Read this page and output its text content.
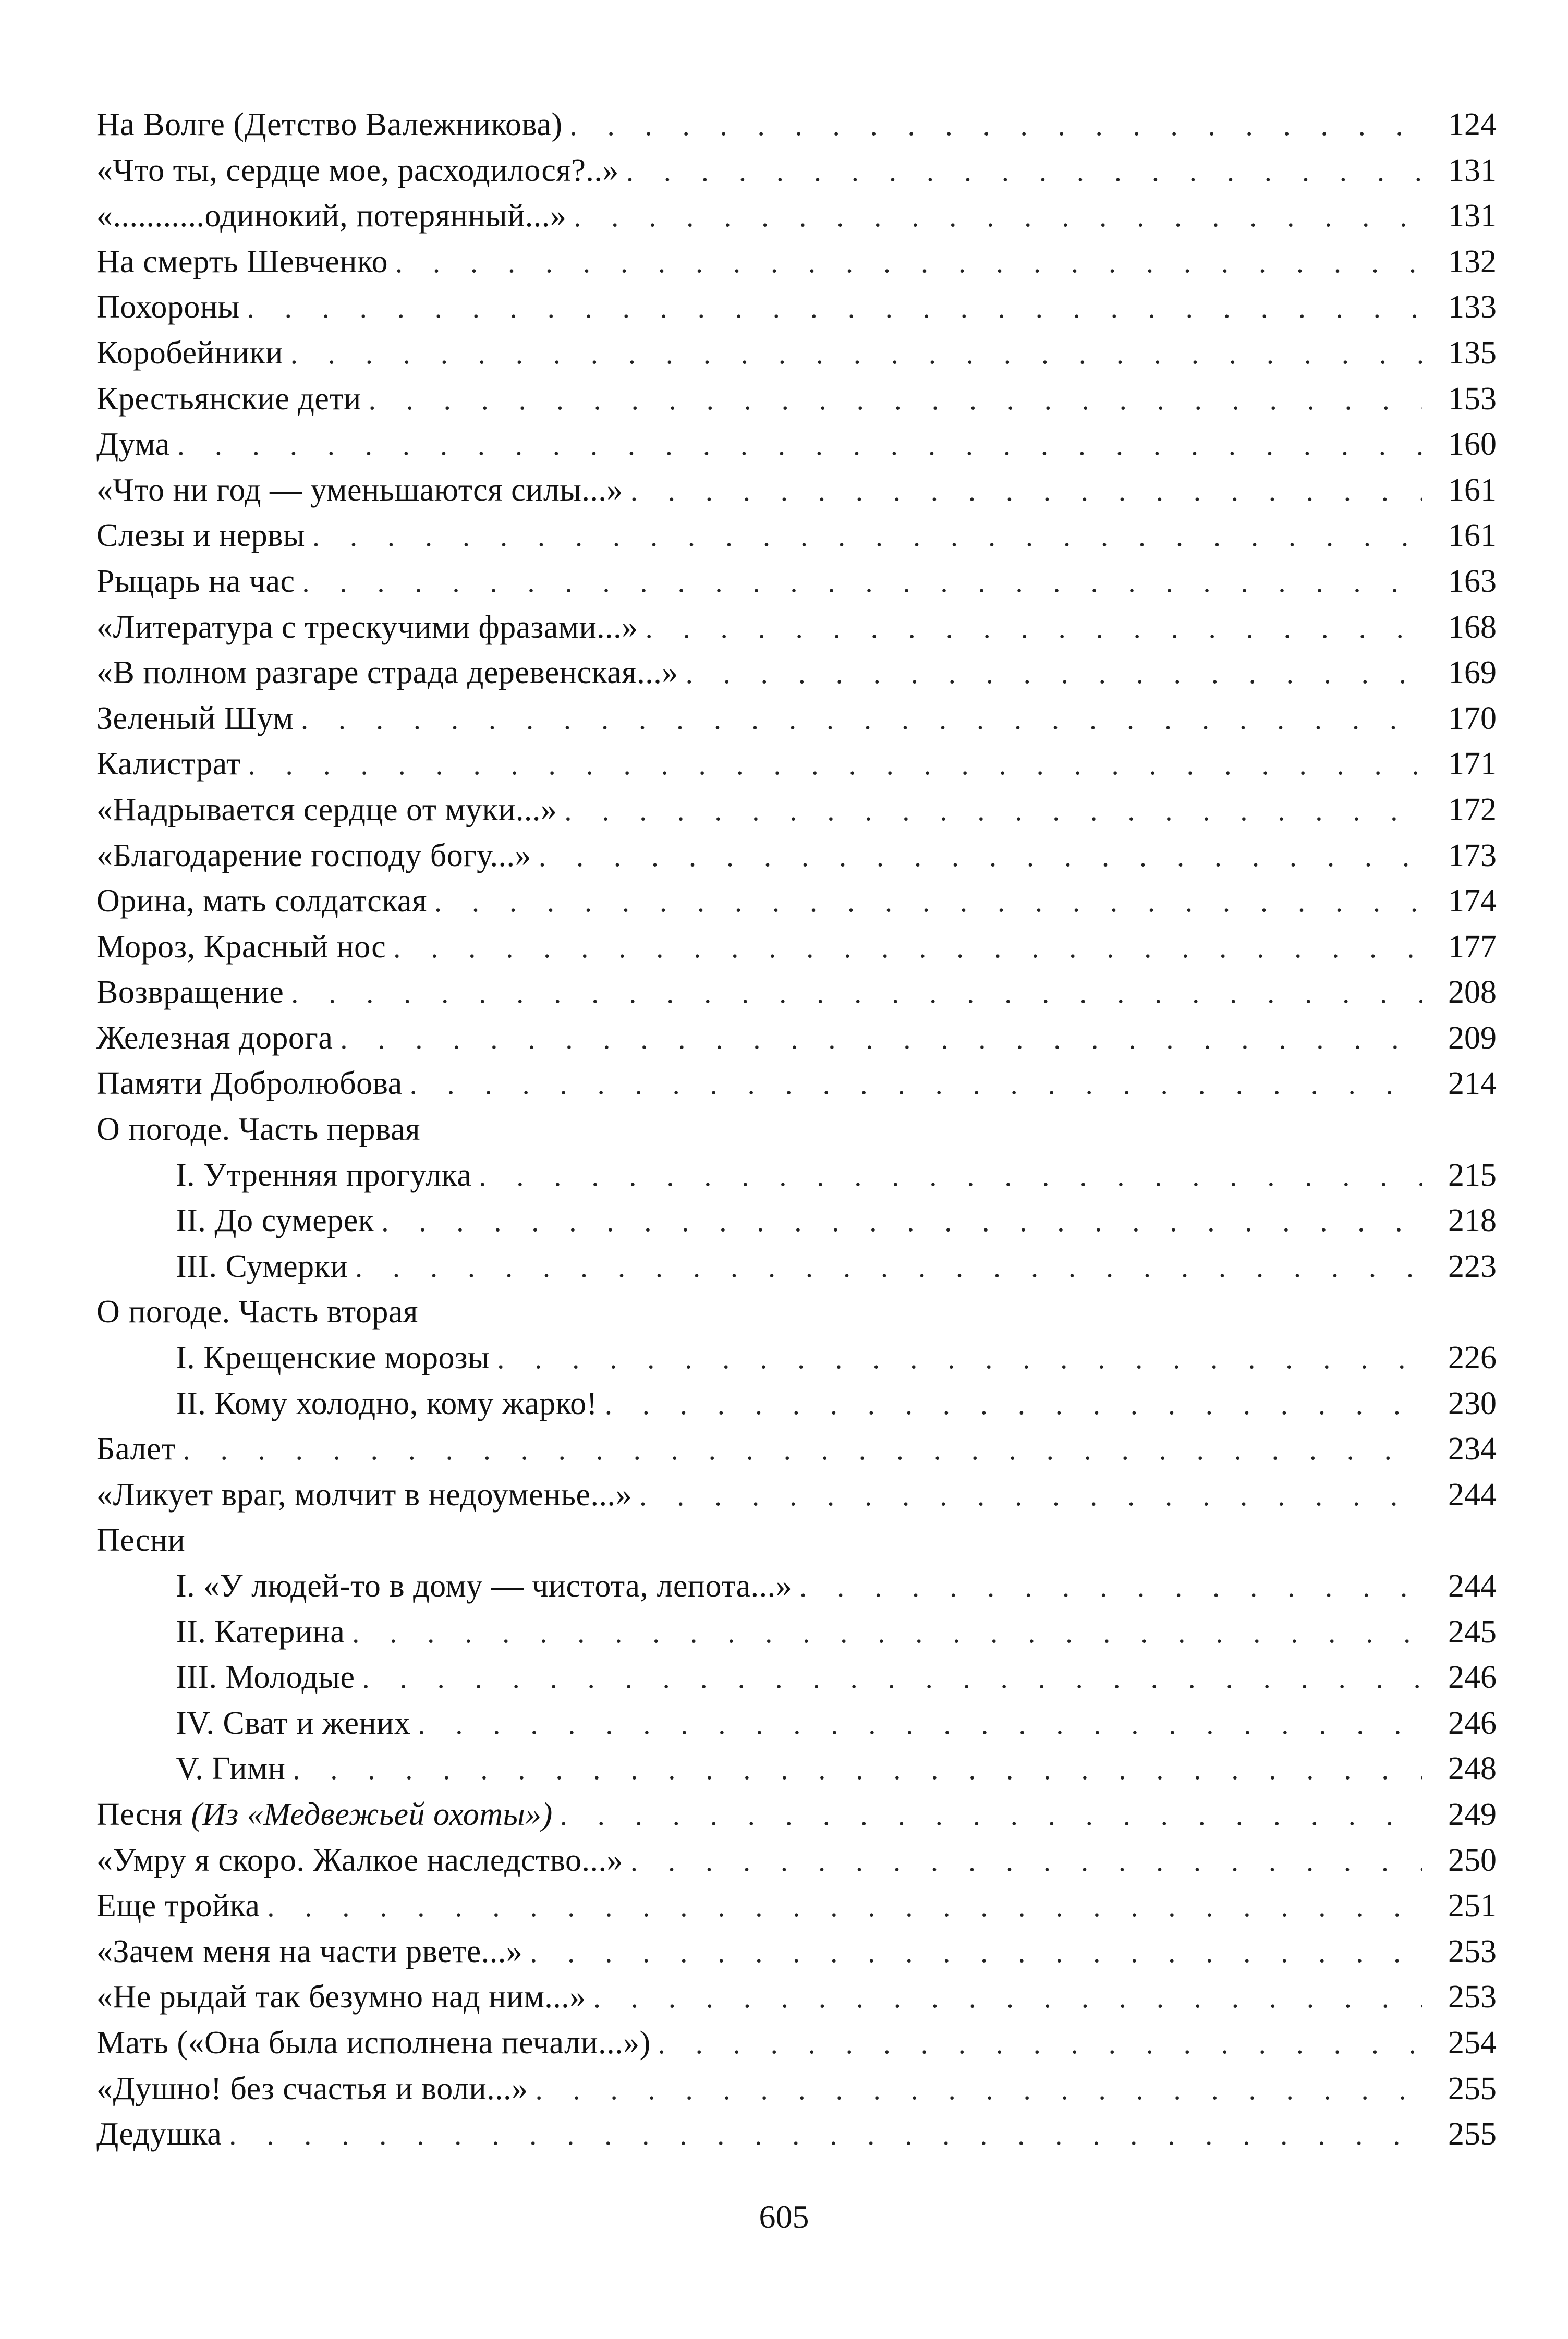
На Волге (Детство Валежникова) . . .	124
«Что ты, сердце мое, расходилося?..» . . .	131
«...........одинокий, потерянный...» . . .	131
На смерть Шевченко . . .	132
Похороны . . .	133
Коробейники . . .	135
Крестьянские дети . . .	153
Дума . . .	160
«Что ни год — уменьшаются силы...» . . .	161
Слезы и нервы . . .	161
Рыцарь на час . . .	163
«Литература с трескучими фразами...» . . .	168
«В полном разгаре страда деревенская...» . . .	169
Зеленый Шум . . .	170
Калистрат . . .	171
«Надрывается сердце от муки...» . . .	172
«Благодарение господу богу...» . . .	173
Орина, мать солдатская . . .	174
Мороз, Красный нос . . .	177
Возвращение . . .	208
Железная дорога . . .	209
Памяти Добролюбова . . .	214
О погоде. Часть первая
I. Утренняя прогулка . . .	215
II. До сумерек . . .	218
III. Сумерки . . .	223
О погоде. Часть вторая
I. Крещенские морозы . . .	226
II. Кому холодно, кому жарко! . . .	230
Балет . . .	234
«Ликует враг, молчит в недоуменье...» . . .	244
Песни
I. «У людей-то в дому — чистота, лепота...» . . .	244
II. Катерина . . .	245
III. Молодые . . .	246
IV. Сват и жених . . .	246
V. Гимн . . .	248
Песня (Из «Медвежьей охоты») . . .	249
«Умру я скоро. Жалкое наследство...» . . .	250
Еще тройка . . .	251
«Зачем меня на части рвете...» . . .	253
«Не рыдай так безумно над ним...» . . .	253
Мать («Она была исполнена печали...») . . .	254
«Душно! без счастья и воли...» . . .	255
Дедушка . . .	255
605
